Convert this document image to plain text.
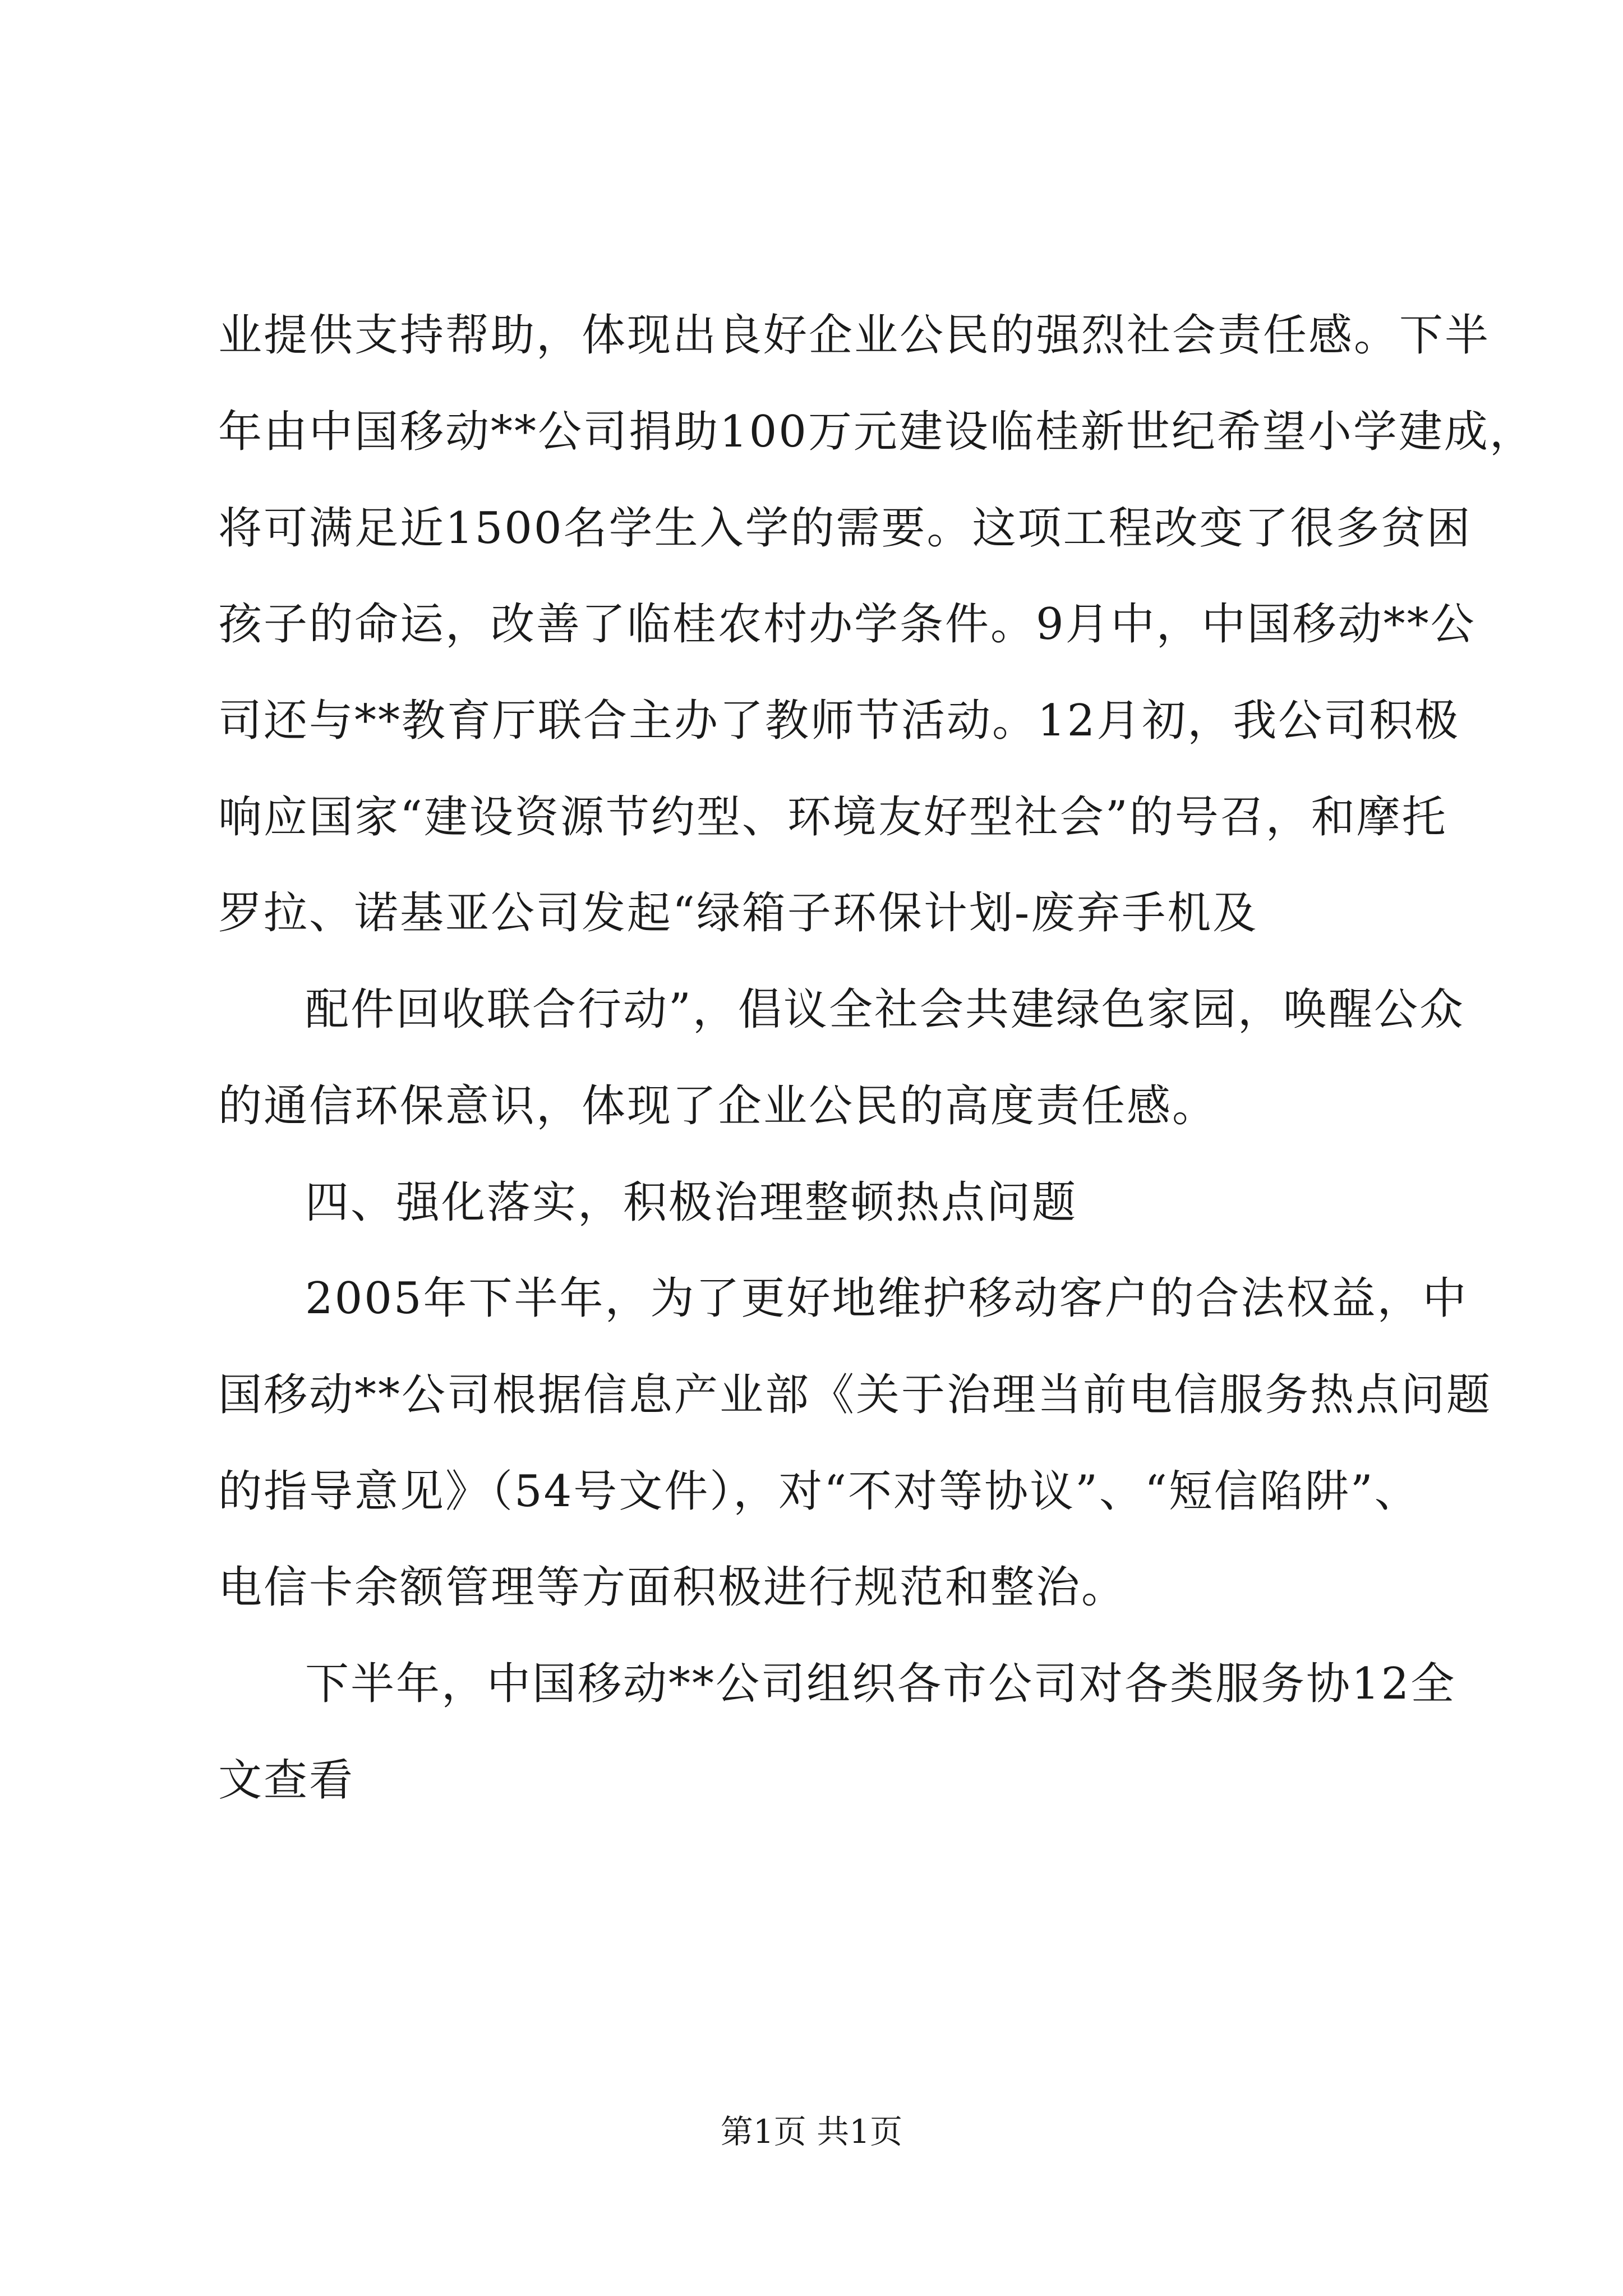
业提供支持帮助，体现出良好企业公民的强烈社会责任感。下半
年由中国移动**公司捐助100万元建设临桂新世纪希望小学建成，
将可满足近1500名学生入学的需要。这项工程改变了很多贫困
孩子的命运，改善了临桂农村办学条件。9月中，中国移动**公
司还与**教育厅联合主办了教师节活动。12月初，我公司积极
响应国家“建设资源节约型、环境友好型社会”的号召，和摩托
罗拉、诺基亚公司发起“绿箱子环保计划-废弃手机及
配件回收联合行动”，倡议全社会共建绿色家园，唤醒公众
的通信环保意识，体现了企业公民的高度责任感。
四、强化落实，积极治理整顿热点问题
2005年下半年，为了更好地维护移动客户的合法权益，中
国移动**公司根据信息产业部《关于治理当前电信服务热点问题
的指导意见》（54号文件），对“不对等协议”、“短信陷阱”、
电信卡余额管理等方面积极进行规范和整治。
下半年，中国移动**公司组织各市公司对各类服务协12全
文查看
第1页 共1页
